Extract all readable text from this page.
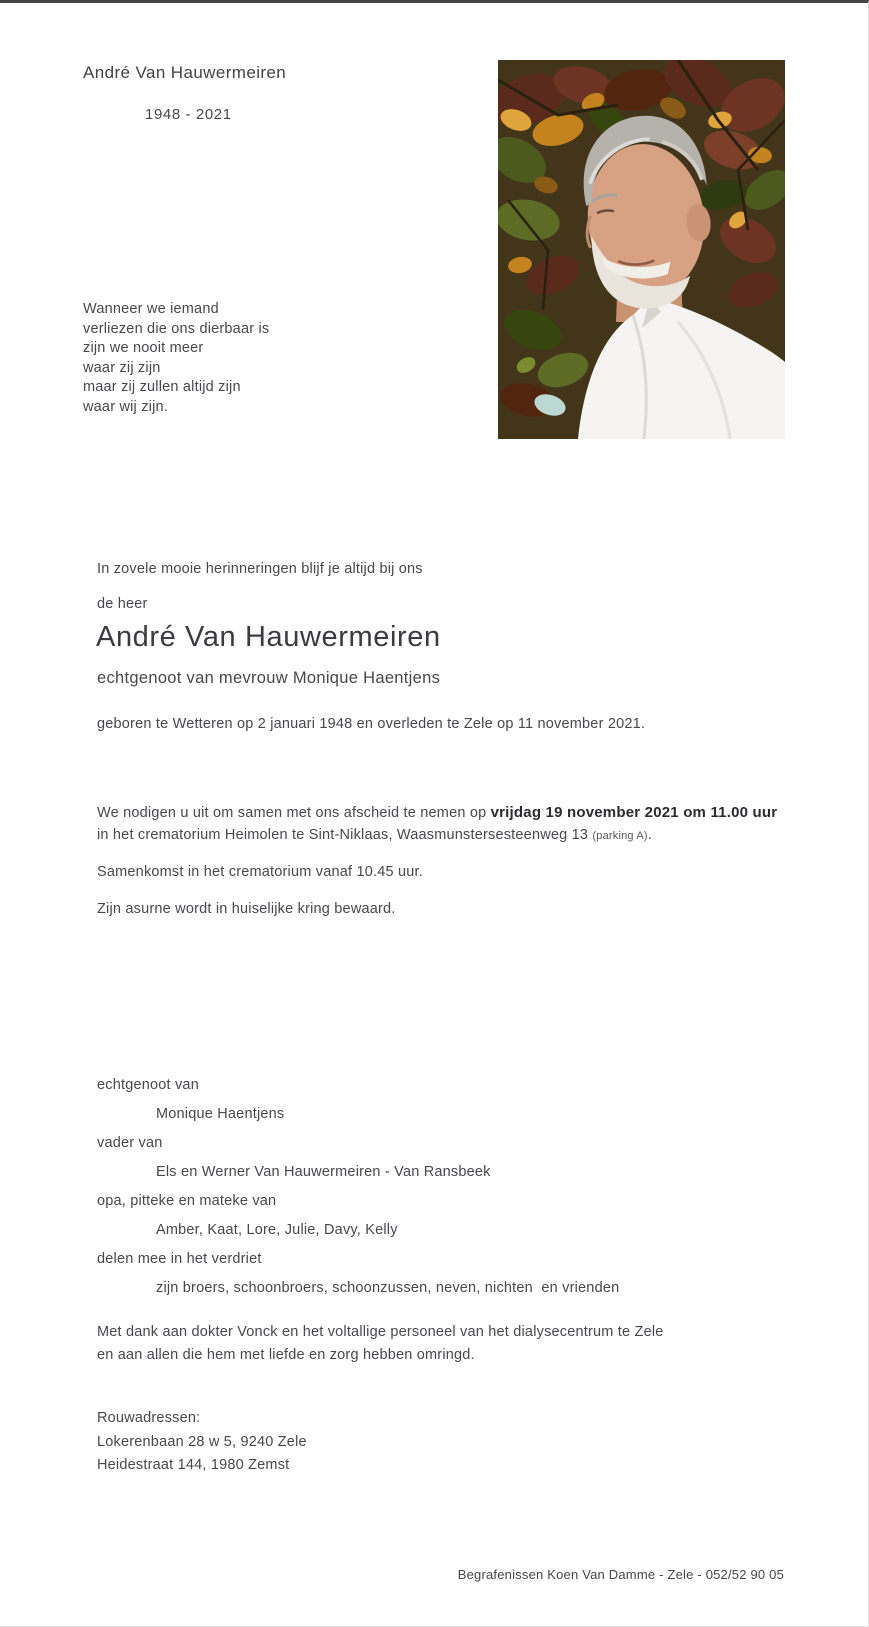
André Van Hauwermeiren
1948 - 2021
Wanneer we iemand
verliezen die ons dierbaar is
zijn we nooit meer
waar zij zijn
maar zij zullen altijd zijn
waar wij zijn.
In zovele mooie herinneringen blijf je altijd bij ons
de heer
André Van Hauwermeiren
echtgenoot van mevrouw Monique Haentjens
geboren te Wetteren op 2 januari 1948 en overleden te Zele op 11 november 2021.
We nodigen u uit om samen met ons afscheid te nemen op vrijdag 19 november 2021 om 11.00 uur
in het crematorium Heimolen te Sint-Niklaas, Waasmunstersesteenweg 13 (parking A).
Samenkomst in het crematorium vanaf 10.45 uur.
Zijn asurne wordt in huiselijke kring bewaard.
echtgenoot van
Monique Haentjens
vader van
Els en Werner Van Hauwermeiren - Van Ransbeek
opa, pitteke en mateke van
Amber, Kaat, Lore, Julie, Davy, Kelly
delen mee in het verdriet
zijn broers, schoonbroers, schoonzussen, neven, nichten  en vrienden
Met dank aan dokter Vonck en het voltallige personeel van het dialysecentrum te Zele
en aan allen die hem met liefde en zorg hebben omringd.
Rouwadressen:
Lokerenbaan 28 w 5, 9240 Zele
Heidestraat 144, 1980 Zemst
Begrafenissen Koen Van Damme - Zele - 052/52 90 05
